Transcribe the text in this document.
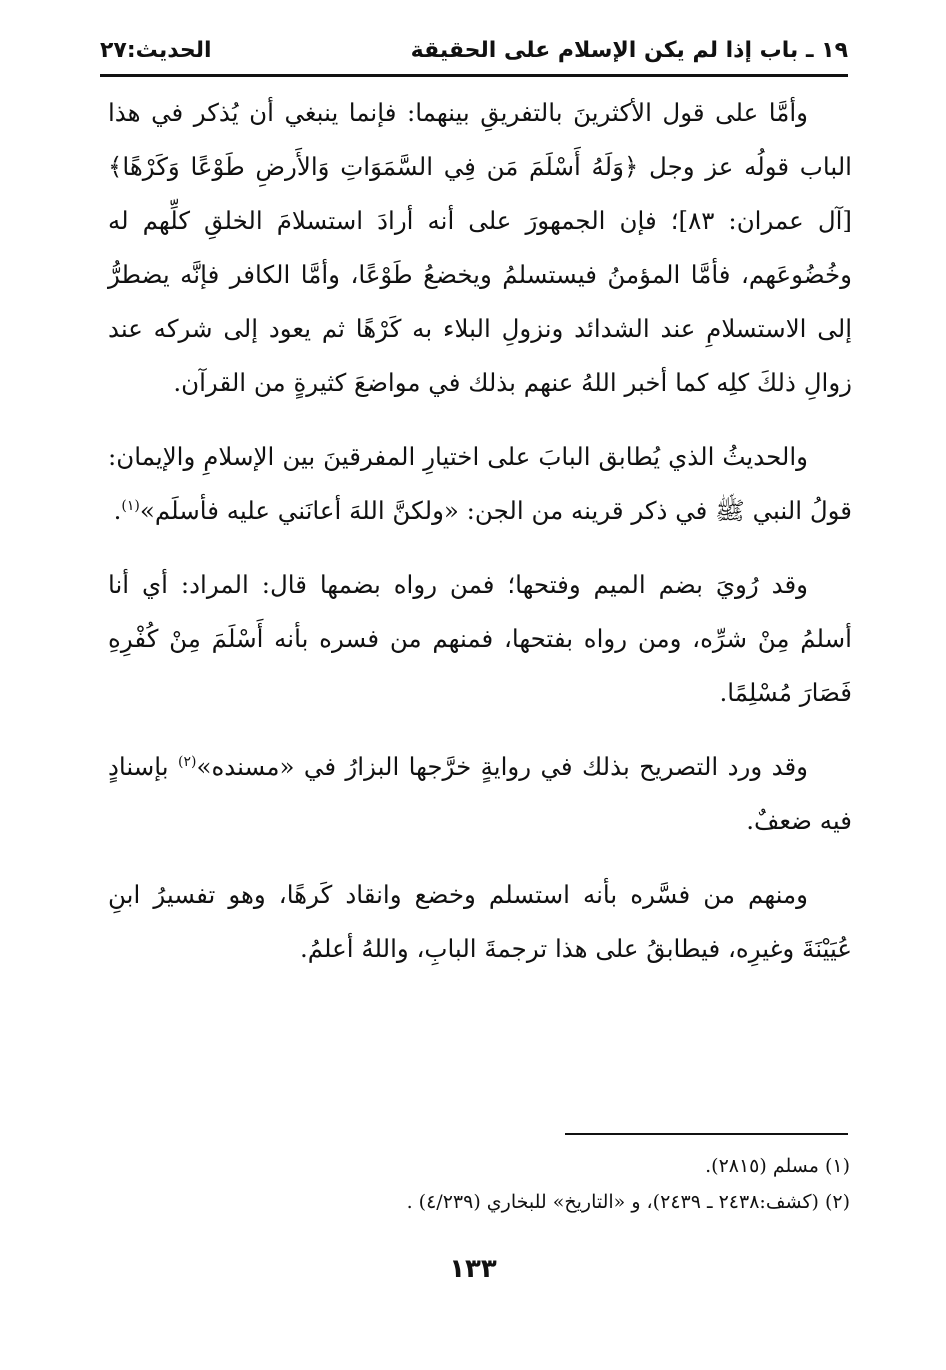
١٩ ـ باب إذا لم يكن الإسلام على الحقيقة
الحديث:٢٧

وأمَّا على قول الأكثرينَ بالتفريقِ بينهما: فإنما ينبغي أن يُذكر في هذا الباب قولُه عز وجل ﴿وَلَهُ أَسْلَمَ مَن فِي السَّمَوَاتِ وَالأَرضِ طَوْعًا وَكَرْهًا﴾ [آل عمران: ٨٣]؛ فإن الجمهورَ على أنه أرادَ استسلامَ الخلقِ كلِّهم له وخُضُوعَهم، فأمَّا المؤمنُ فيستسلمُ ويخضعُ طَوْعًا، وأمَّا الكافر فإنَّه يضطرُّ إلى الاستسلامِ عند الشدائد ونزولِ البلاء به كَرْهًا ثم يعود إلى شركه عند زوالِ ذلكَ كلِه كما أخبر اللهُ عنهم بذلك في مواضعَ كثيرةٍ من القرآن.

والحديثُ الذي يُطابق البابَ على اختيارِ المفرقينَ بين الإسلامِ والإيمان: قولُ النبي ﷺ في ذكر قرينه من الجن: «ولكنَّ اللهَ أعانَني عليه فأسلَم»$^{(١)}$.

وقد رُويَ بضم الميم وفتحها؛ فمن رواه بضمها قال: المراد: أي أنا أسلمُ مِنْ شرِّه، ومن رواه بفتحها، فمنهم من فسره بأنه أَسْلَمَ مِنْ كُفْرِهِ فَصَارَ مُسْلِمًا.

وقد ورد التصريح بذلك في روايةٍ خرَّجها البزارُ في «مسنده»$^{(٢)}$ بإسنادٍ فيه ضعفٌ.

ومنهم من فسَّره بأنه استسلم وخضع وانقاد كَرهًا، وهو تفسيرُ ابنِ عُيَيْنَةَ وغيرِه، فيطابقُ على هذا ترجمةَ البابِ، واللهُ أعلمُ.

(١) مسلم (٢٨١٥).
(٢) (كشف:٢٤٣٨ ـ ٢٤٣٩)، و «التاريخ» للبخاري (٤/٢٣٩) .
١٣٣
